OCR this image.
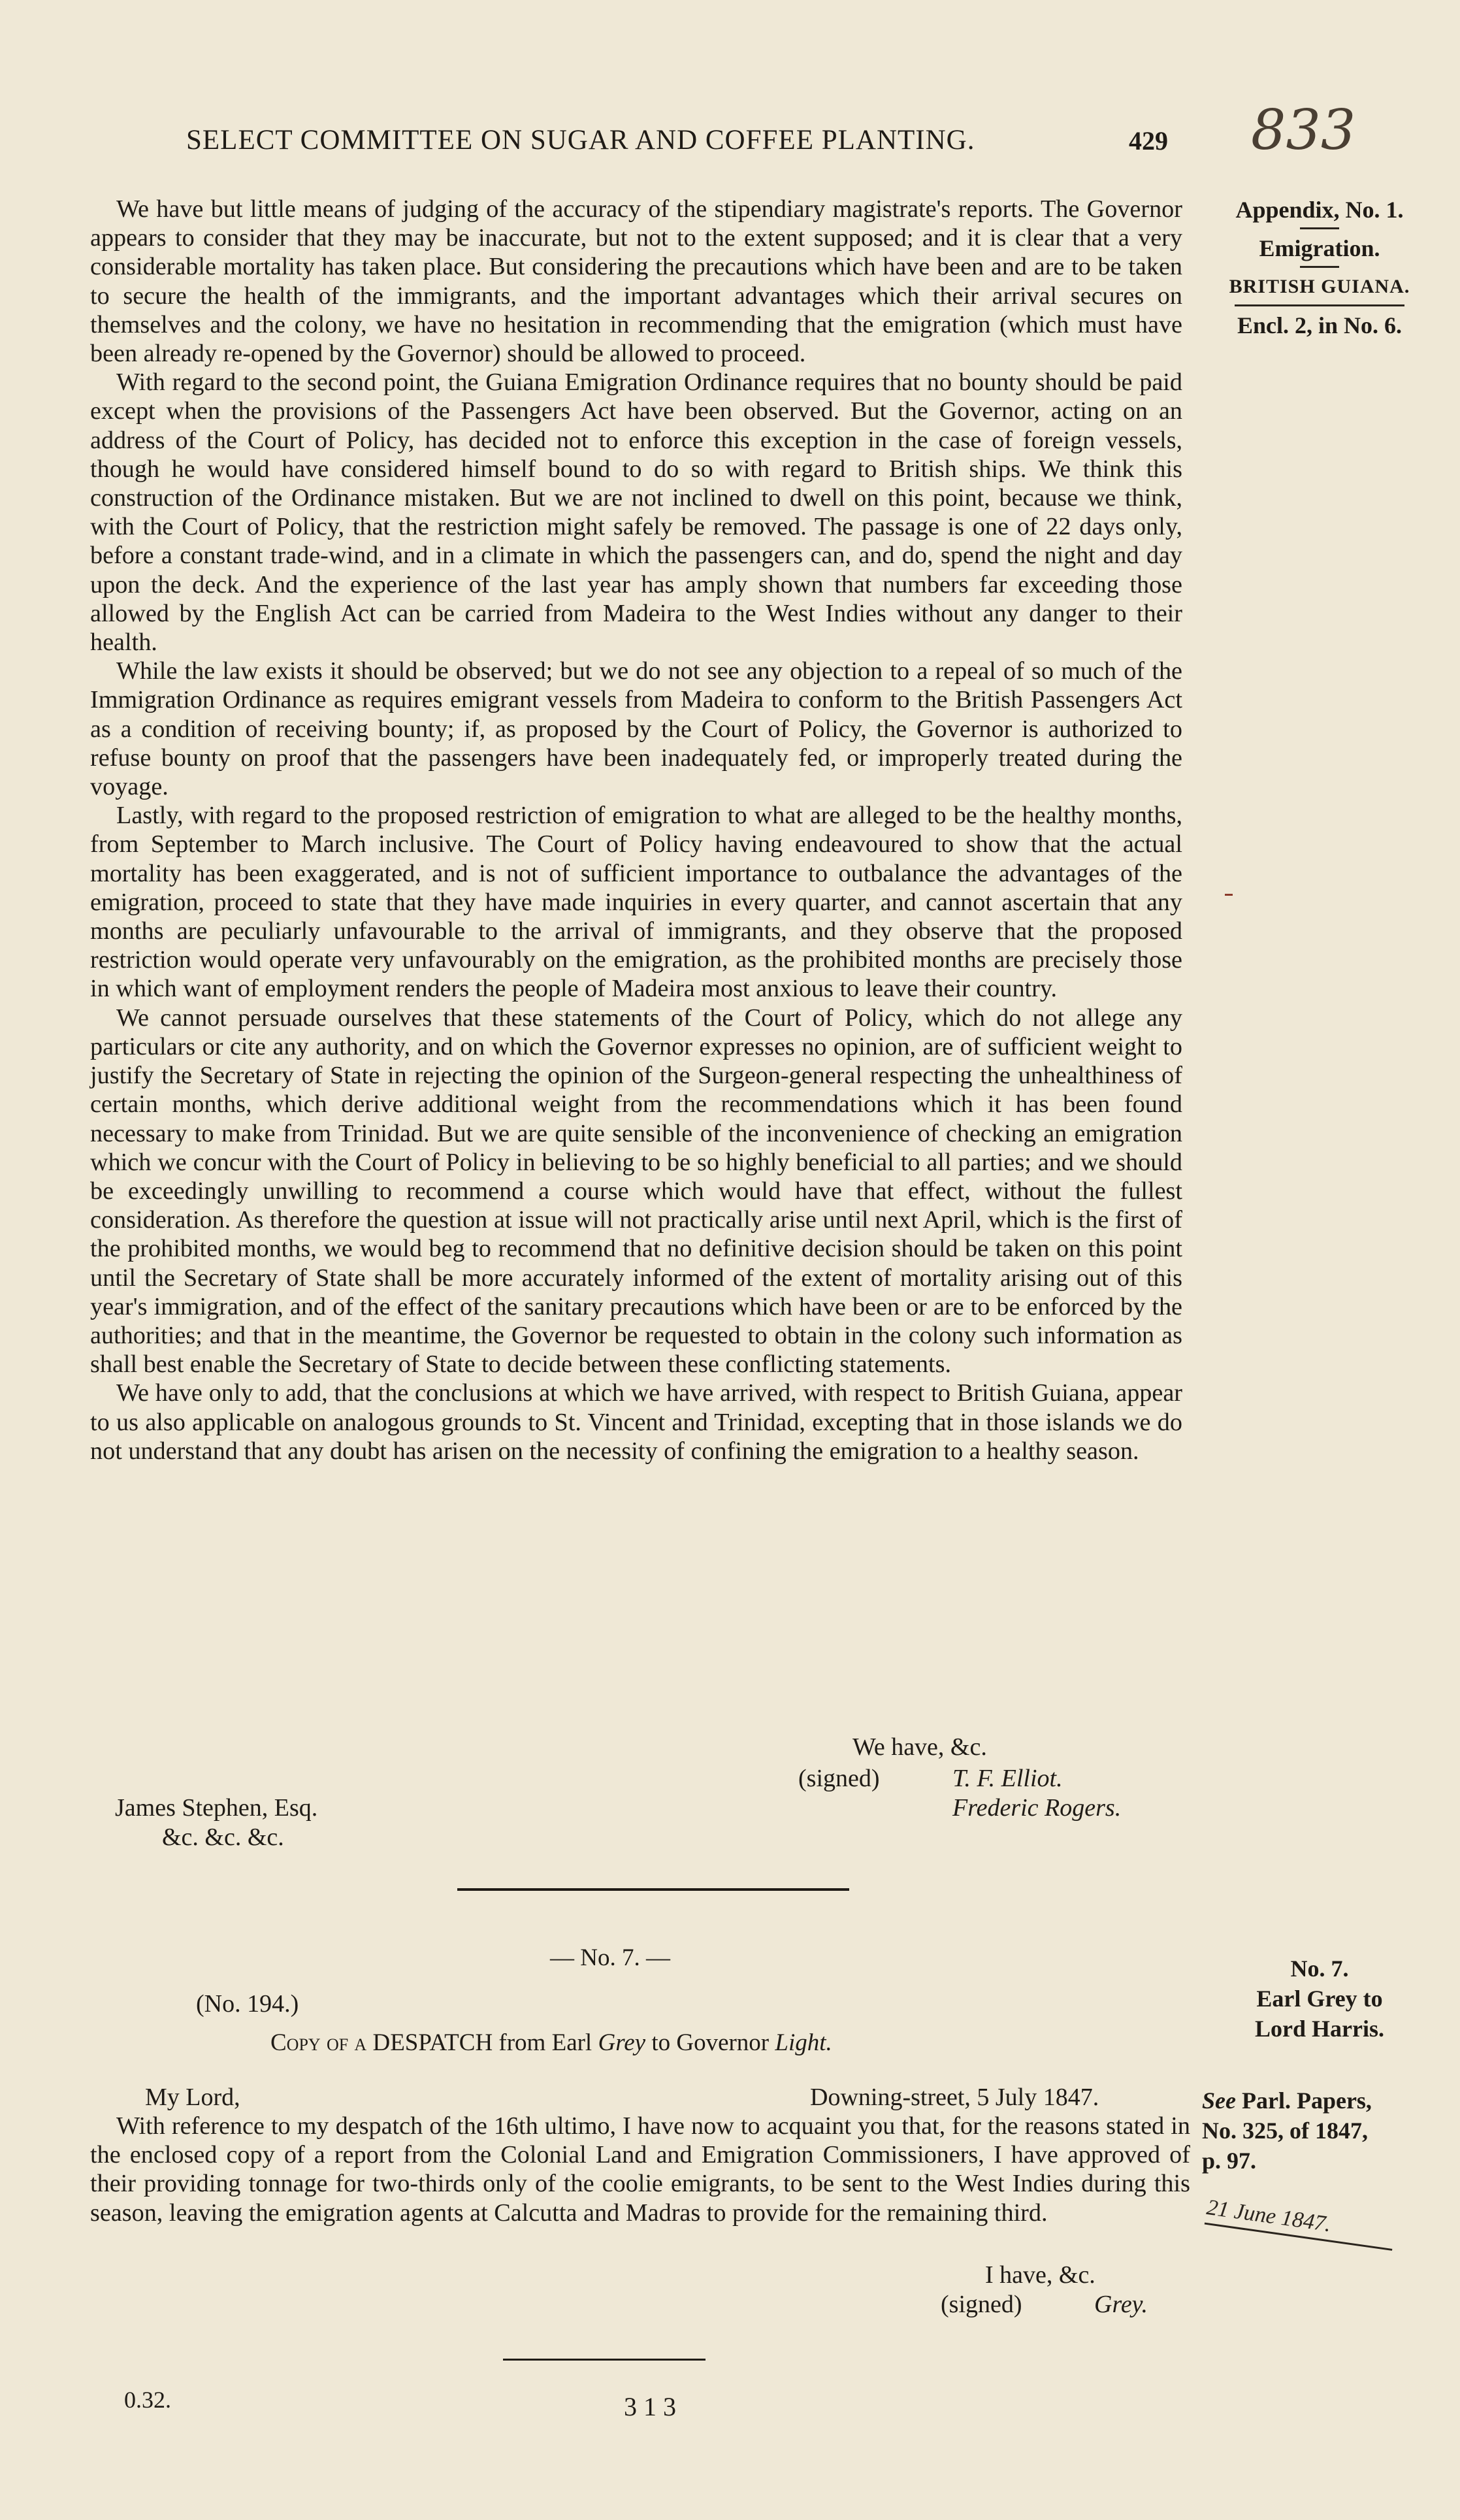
SELECT COMMITTEE ON SUGAR AND COFFEE PLANTING.	429 833
Appendix, No. 1.
Emigration.
BRITISH GUIANA.
Encl. 2, in No. 6.

We have but little means of judging of the accuracy of the stipendiary magistrate's reports. The Governor appears to consider that they may be inaccurate, but not to the extent supposed; and it is clear that a very considerable mortality has taken place. But considering the precautions which have been and are to be taken to secure the health of the immigrants, and the important advantages which their arrival secures on themselves and the colony, we have no hesitation in recommending that the emigration (which must have been already re-opened by the Governor) should be allowed to proceed.

With regard to the second point, the Guiana Emigration Ordinance requires that no bounty should be paid except when the provisions of the Passengers Act have been observed. But the Governor, acting on an address of the Court of Policy, has decided not to enforce this exception in the case of foreign vessels, though he would have considered himself bound to do so with regard to British ships. We think this construction of the Ordinance mistaken. But we are not inclined to dwell on this point, because we think, with the Court of Policy, that the restriction might safely be removed. The passage is one of 22 days only, before a constant trade-wind, and in a climate in which the passengers can, and do, spend the night and day upon the deck. And the experience of the last year has amply shown that numbers far exceeding those allowed by the English Act can be carried from Madeira to the West Indies without any danger to their health.

While the law exists it should be observed; but we do not see any objection to a repeal of so much of the Immigration Ordinance as requires emigrant vessels from Madeira to conform to the British Passengers Act as a condition of receiving bounty; if, as proposed by the Court of Policy, the Governor is authorized to refuse bounty on proof that the passengers have been inadequately fed, or improperly treated during the voyage.

Lastly, with regard to the proposed restriction of emigration to what are alleged to be the healthy months, from September to March inclusive. The Court of Policy having endeavoured to show that the actual mortality has been exaggerated, and is not of sufficient importance to outbalance the advantages of the emigration, proceed to state that they have made inquiries in every quarter, and cannot ascertain that any months are peculiarly unfavourable to the arrival of immigrants, and they observe that the proposed restriction would operate very unfavourably on the emigration, as the prohibited months are precisely those in which want of employment renders the people of Madeira most anxious to leave their country.

We cannot persuade ourselves that these statements of the Court of Policy, which do not allege any particulars or cite any authority, and on which the Governor expresses no opinion, are of sufficient weight to justify the Secretary of State in rejecting the opinion of the Surgeon-general respecting the unhealthiness of certain months, which derive additional weight from the recommendations which it has been found necessary to make from Trinidad. But we are quite sensible of the inconvenience of checking an emigration which we concur with the Court of Policy in believing to be so highly beneficial to all parties; and we should be exceedingly unwilling to recommend a course which would have that effect, without the fullest consideration. As therefore the question at issue will not practically arise until next April, which is the first of the prohibited months, we would beg to recommend that no definitive decision should be taken on this point until the Secretary of State shall be more accurately informed of the extent of mortality arising out of this year's immigration, and of the effect of the sanitary precautions which have been or are to be enforced by the authorities; and that in the meantime, the Governor be requested to obtain in the colony such information as shall best enable the Secretary of State to decide between these conflicting statements.

We have only to add, that the conclusions at which we have arrived, with respect to British Guiana, appear to us also applicable on analogous grounds to St. Vincent and Trinidad, excepting that in those islands we do not understand that any doubt has arisen on the necessity of confining the emigration to a healthy season.

We have, &c.
(signed)	T. F. Elliot.
Frederic Rogers.
James Stephen, Esq.
&c. &c. &c.
— No. 7. —	No. 7.
Earl Grey to
Lord Harris.
(No. 194.)
Copy of a DESPATCH from Earl Grey to Governor Light.
My Lord,	Downing-street, 5 July 1847.

With reference to my despatch of the 16th ultimo, I have now to acquaint you that, for the reasons stated in the enclosed copy of a report from the Colonial Land and Emigration Commissioners, I have approved of their providing tonnage for two-thirds only of the coolie emigrants, to be sent to the West Indies during this season, leaving the emigration agents at Calcutta and Madras to provide for the remaining third.

See Parl. Papers,
No. 325, of 1847,
p. 97.
21 June 1847.
I have, &c.
(signed)	Grey.
0.32.	3 1 3
